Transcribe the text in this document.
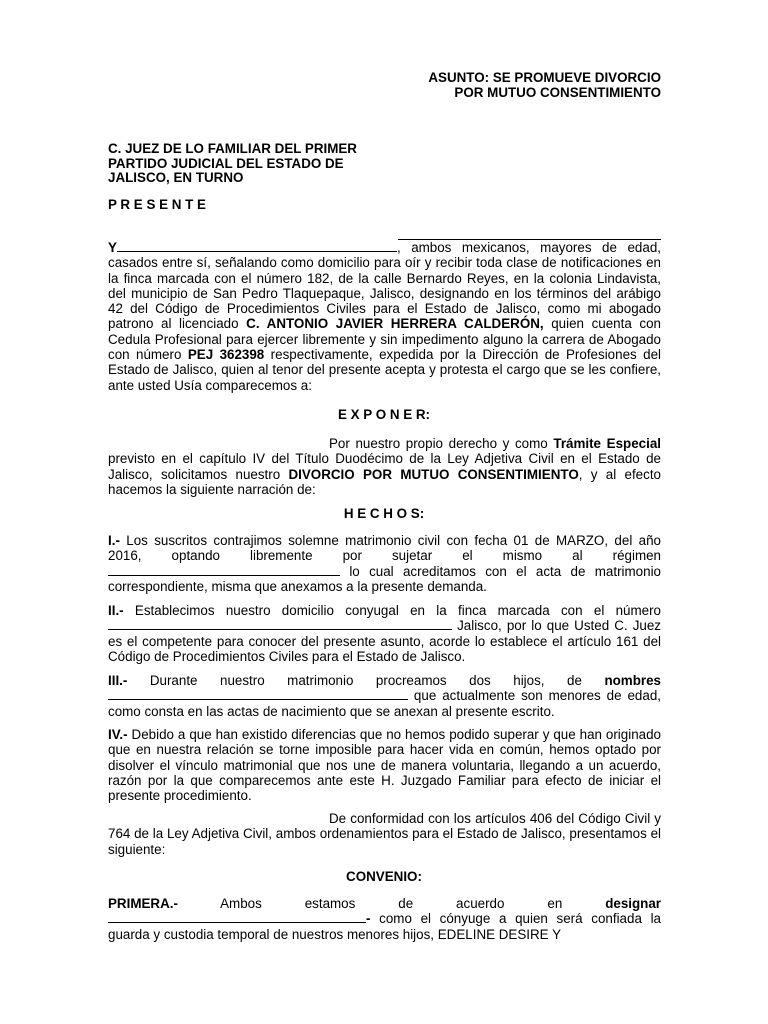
ASUNTO: SE PROMUEVE DIVORCIO
POR MUTUO CONSENTIMIENTO
C. JUEZ DE LO FAMILIAR DEL PRIMER
PARTIDO JUDICIAL DEL ESTADO DE
JALISCO, EN TURNO
P R E S E N T E

Y	, ambos mexicanos, mayores de edad, casados entre sí, señalando como domicilio para oír y recibir toda clase de notificaciones en la finca marcada con el número 182, de la calle Bernardo Reyes, en la colonia Lindavista, del municipio de San Pedro Tlaquepaque, Jalisco, designando en los términos del arábigo 42 del Código de Procedimientos Civiles para el Estado de Jalisco, como mi abogado patrono al licenciado C. ANTONIO JAVIER HERRERA CALDERÓN, quien cuenta con Cedula Profesional para ejercer libremente y sin impedimento alguno la carrera de Abogado con número PEJ 362398 respectivamente, expedida por la Dirección de Profesiones del Estado de Jalisco, quien al tenor del presente acepta y protesta el cargo que se les confiere, ante usted Usía comparecemos a:

E X P O N E R:

Por nuestro propio derecho y como Trámite Especial previsto en el capítulo IV del Título Duodécimo de la Ley Adjetiva Civil en el Estado de Jalisco, solicitamos nuestro DIVORCIO POR MUTUO CONSENTIMIENTO, y al efecto hacemos la siguiente narración de:

H E C H O S:

I.- Los suscritos contrajimos solemne matrimonio civil con fecha 01 de MARZO, del año 2016, optando libremente por sujetar el mismo al régimen  lo cual acreditamos con el acta de matrimonio correspondiente, misma que anexamos a la presente demanda.

II.- Establecimos nuestro domicilio conyugal en la finca marcada con el número  Jalisco, por lo que Usted C. Juez es el competente para conocer del presente asunto, acorde lo establece el artículo 161 del Código de Procedimientos Civiles para el Estado de Jalisco.

III.- Durante nuestro matrimonio procreamos dos hijos, de nombres  que actualmente son menores de edad, como consta en las actas de nacimiento que se anexan al presente escrito.

IV.- Debido a que han existido diferencias que no hemos podido superar y que han originado que en nuestra relación se torne imposible para hacer vida en común, hemos optado por disolver el vínculo matrimonial que nos une de manera voluntaria, llegando a un acuerdo, razón por la que comparecemos ante este H. Juzgado Familiar para efecto de iniciar el presente procedimiento.

De conformidad con los artículos 406 del Código Civil y 764 de la Ley Adjetiva Civil, ambos ordenamientos para el Estado de Jalisco, presentamos el siguiente:

CONVENIO:

PRIMERA.- Ambos estamos de acuerdo en designar - como el cónyuge a quien será confiada la guarda y custodia temporal de nuestros menores hijos, EDELINE DESIRE Y
